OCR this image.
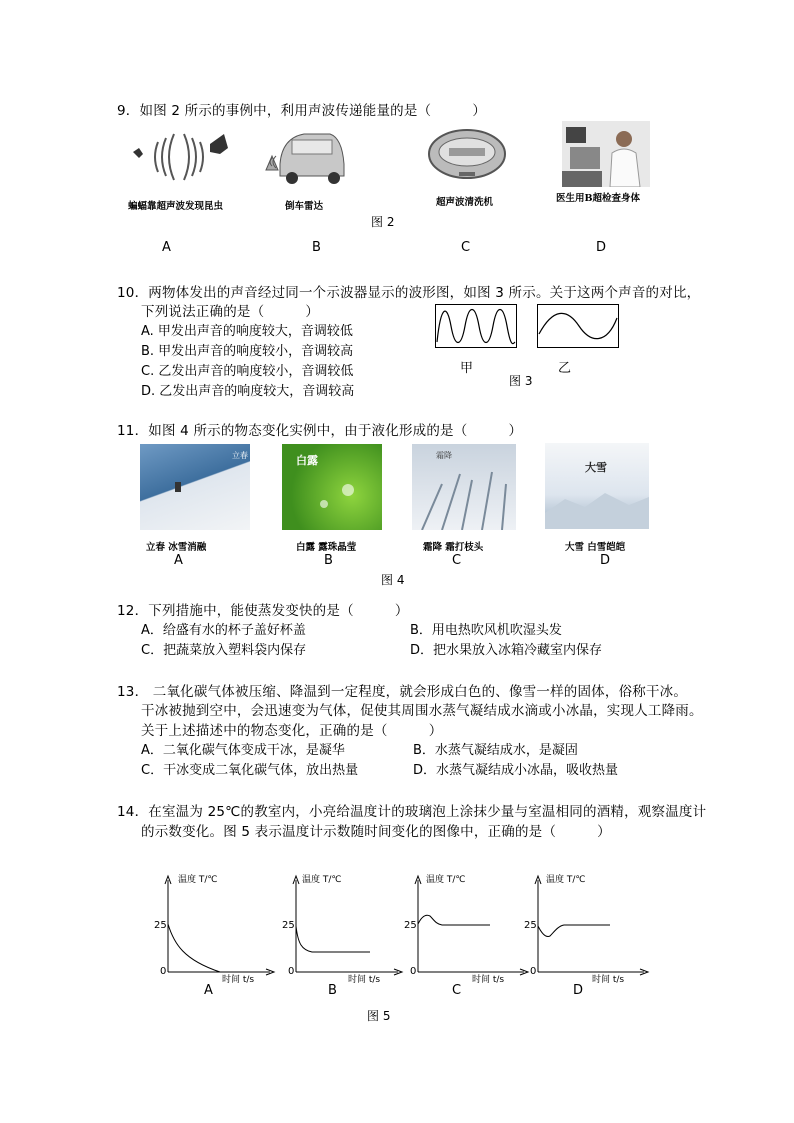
9．如图 2 所示的事例中，利用声波传递能量的是（　　　）
蝙蝠靠超声波发现昆虫	倒车雷达	超声波清洗机	医生用B超检查身体
图 2
A	B	C	D
10．两物体发出的声音经过同一个示波器显示的波形图，如图 3 所示。关于这两个声音的对比，
下列说法正确的是（　　　）
A. 甲发出声音的响度较大，音调较低
B. 甲发出声音的响度较小，音调较高
C. 乙发出声音的响度较小，音调较低
D. 乙发出声音的响度较大，音调较高
甲	乙
图 3
11．如图 4 所示的物态变化实例中，由于液化形成的是（　　　）
立春	白露	霜降
大雪
立春 冰雪消融	白露 露珠晶莹	霜降 霜打枝头	大雪 白雪皑皑
A	B	C	D
图 4
12．下列措施中，能使蒸发变快的是（　　　）
A．给盛有水的杯子盖好杯盖	B．用电热吹风机吹湿头发
C．把蔬菜放入塑料袋内保存	D．把水果放入冰箱冷藏室内保存
13． 二氧化碳气体被压缩、降温到一定程度，就会形成白色的、像雪一样的固体，俗称干冰。
干冰被抛到空中，会迅速变为气体，促使其周围水蒸气凝结成水滴或小冰晶，实现人工降雨。
关于上述描述中的物态变化，正确的是（　　　）
A．二氧化碳气体变成干冰，是凝华	B．水蒸气凝结成水，是凝固
C．干冰变成二氧化碳气体，放出热量	D．水蒸气凝结成小冰晶，吸收热量
14．在室温为 25℃的教室内，小亮给温度计的玻璃泡上涂抹少量与室温相同的酒精，观察温度计
的示数变化。图 5 表示温度计示数随时间变化的图像中，正确的是（　　　）
温度 T/℃
25
0
时间 t/s
A
温度 T/℃
25
0
时间 t/s
B
温度 T/℃
25
0
时间 t/s
C
温度 T/℃
25
0
时间 t/s
D
图 5
